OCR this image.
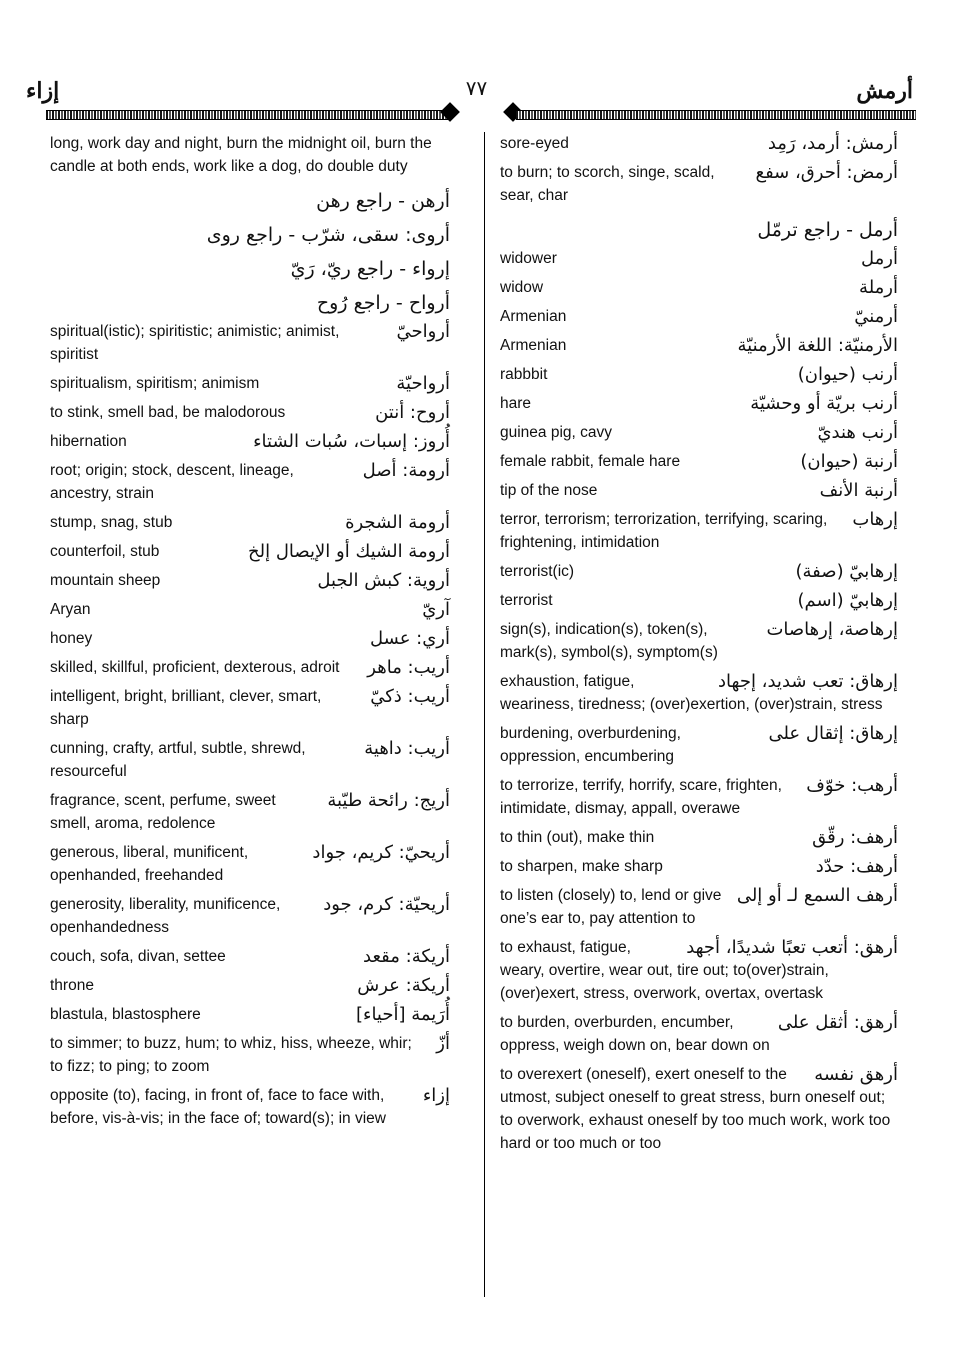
إزاء	٧٧	أرمش
long, work day and night, burn the midnight oil, burn the candle at both ends, work like a dog, do double duty
أرهن - راجع رهن
أروى: سقى، شرّب - راجع روى
إرواء - راجع ريّ، رَيّ
أرواح - راجع رُوح
أرواحيّ
spiritual(istic); spiritistic; animistic; animist, spiritist
أرواحيّة
spiritualism, spiritism; animism
أروح: أنتن
to stink, smell bad, be malodorous
أُروز: إسبات، سُبات الشتاء
hibernation
أرومة: أصل
root; origin; stock, descent, lineage, ancestry, strain
أرومة الشجرة
stump, snag, stub
أرومة الشيك أو الإيصال إلخ
counterfoil, stub
أروية: كبش الجبل
mountain sheep
آريّ
Aryan
أري: عسل
honey
أريب: ماهر
skilled, skillful, proficient, dexterous, adroit
أريب: ذكيّ
intelligent, bright, brilliant, clever, smart, sharp
أريب: داهية
cunning, crafty, artful, subtle, shrewd, resourceful
أريج: رائحة طيّبة
fragrance, scent, perfume, sweet smell, aroma, redolence
أريحيّ: كريم، جواد
generous, liberal, munificent, openhanded, freehanded
أريحيّة: كرم، جود
generosity, liberality, munificence, openhandedness
أريكة: مقعد
couch, sofa, divan, settee
أريكة: عرش
throne
أُرَيمة [أحياء]
blastula, blastosphere
أزّ
to simmer; to buzz, hum; to whiz, hiss, wheeze, whir; to fizz; to ping; to zoom
إزاء
opposite (to), facing, in front of, face to face with, before, vis-à-vis; in the face of; toward(s); in view
أرمش: أرمد، رَمِد
sore-eyed
أرمض: أحرق، سفع
to burn; to scorch, singe, scald, sear, char
أرمل - راجع ترمّل
أرمل
widower
أرملة
widow
أرمنيّ
Armenian
الأرمنيّة: اللغة الأرمنيّة
Armenian
أرنب (حيوان)
rabbbit
أرنب بريّة أو وحشيّة
hare
أرنب هنديّ
guinea pig, cavy
أرنبة (حيوان)
female rabbit, female hare
أرنبة الأنف
tip of the nose
إرهاب
terror, terrorism; terrorization, terrifying, scaring, frightening, intimidation
إرهابيّ (صفة)
terrorist(ic)
إرهابيّ (اسم)
terrorist
إرهاصة، إرهاصات
sign(s), indication(s), token(s), mark(s), symbol(s), symptom(s)
إرهاق: تعب شديد، إجهاد
exhaustion, fatigue, weariness, tiredness; (over)exertion, (over)strain, stress
إرهاق: إثقال على
burdening, overburdening, oppression, encumbering
أرهب: خوّف
to terrorize, terrify, horrify, scare, frighten, intimidate, dismay, appall, overawe
أرهف: رقّق
to thin (out), make thin
أرهف: حدّد
to sharpen, make sharp
أرهف السمع لـ أو إلى
to listen (closely) to, lend or give one’s ear to, pay attention to
أرهق: أتعب تعبًا شديدًا، أجهد
to exhaust, fatigue, weary, overtire, wear out, tire out; to(over)strain, (over)exert, stress, overwork, overtax, overtask
أرهق: أثقل على
to burden, overburden, encumber, oppress, weigh down on, bear down on
أرهق نفسه
to overexert (oneself), exert oneself to the utmost, subject oneself to great stress, burn oneself out; to overwork, exhaust oneself by too much work, work too hard or too much or too
